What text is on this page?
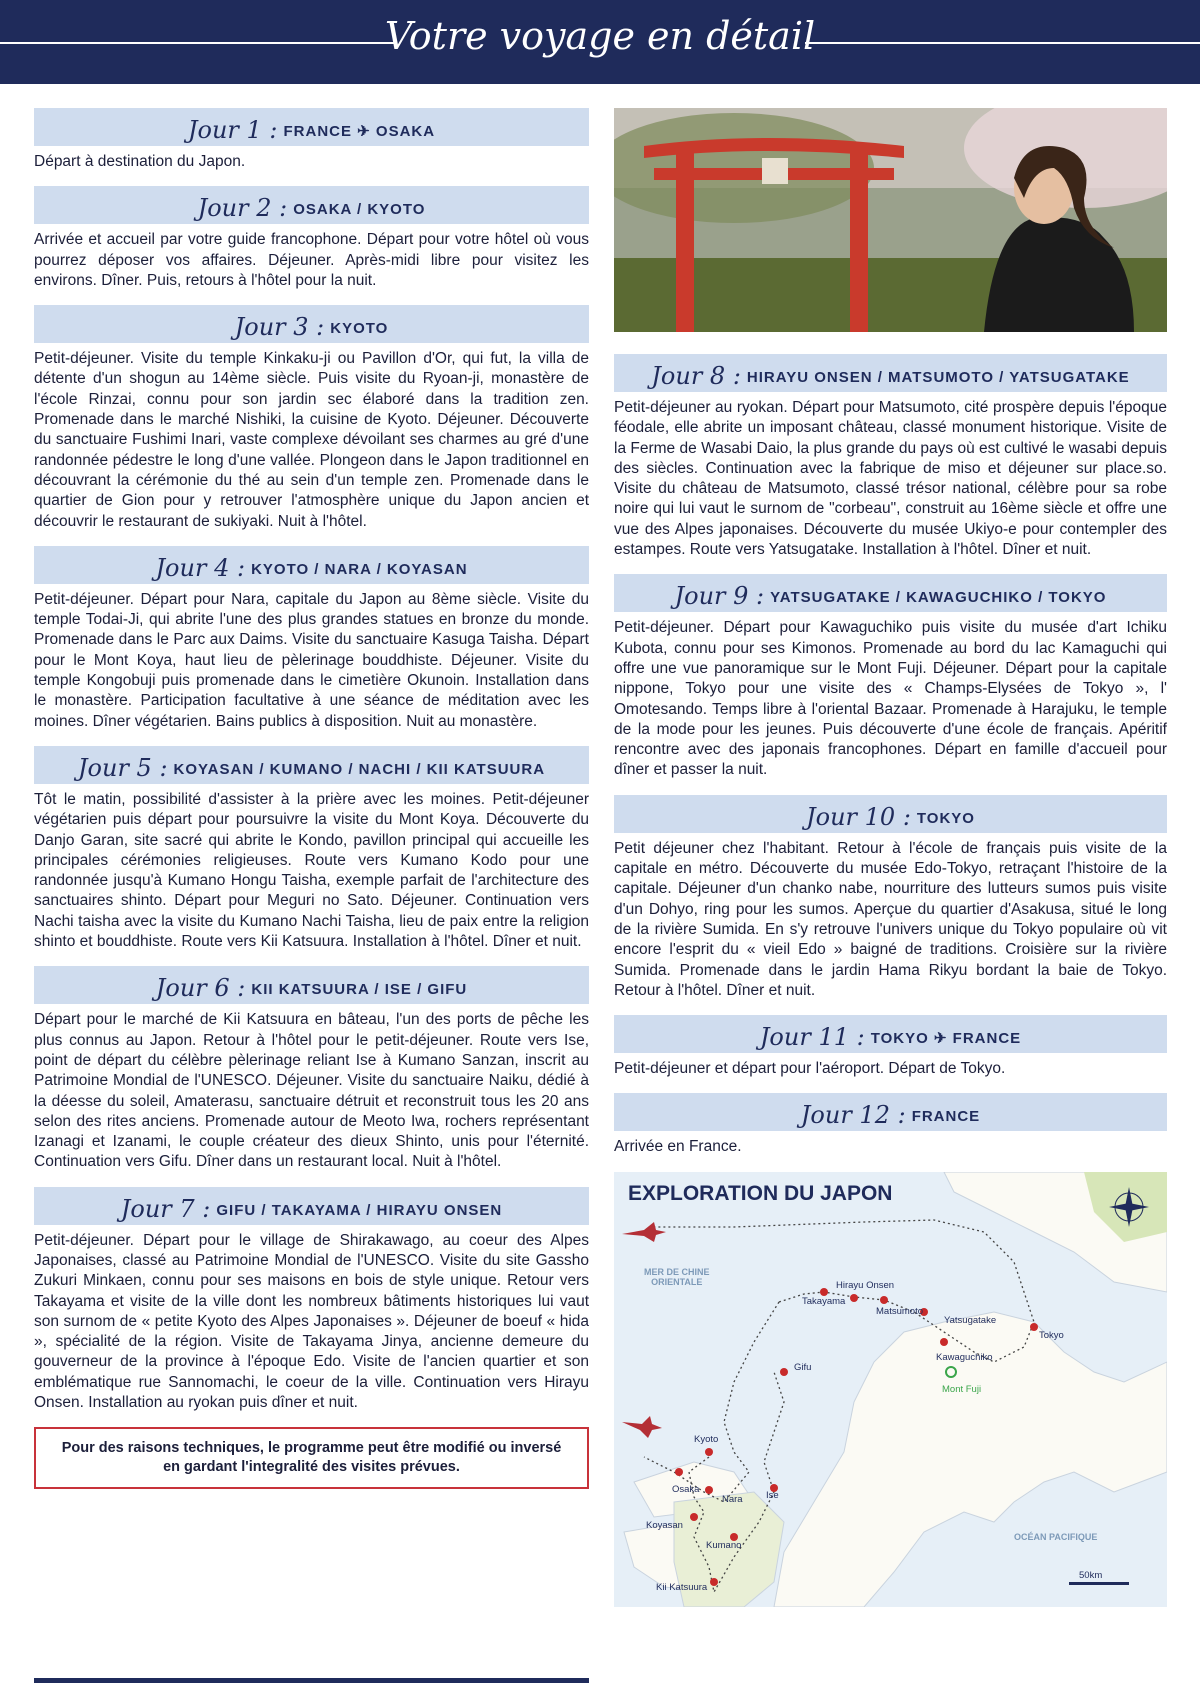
Votre voyage en détail
Jour 1 : FRANCE ✈ OSAKA
Départ à destination du Japon.
Jour 2 : OSAKA / KYOTO
Arrivée et accueil par votre guide francophone. Départ pour votre hôtel où vous pourrez déposer vos affaires. Déjeuner. Après-midi libre pour visitez les environs. Dîner. Puis, retours à l'hôtel pour la nuit.
Jour 3 : KYOTO
Petit-déjeuner. Visite du temple Kinkaku-ji ou Pavillon d'Or, qui fut, la villa de détente d'un shogun au 14ème siècle. Puis visite du Ryoan-ji, monastère de l'école Rinzai, connu pour son jardin sec élaboré dans la tradition zen. Promenade dans le marché Nishiki, la cuisine de Kyoto. Déjeuner. Découverte du sanctuaire Fushimi Inari, vaste complexe dévoilant ses charmes au gré d'une randonnée pédestre le long d'une vallée. Plongeon dans le Japon traditionnel en découvrant la cérémonie du thé au sein d'un temple zen. Promenade dans le quartier de Gion pour y retrouver l'atmosphère unique du Japon ancien et découvrir le restaurant de sukiyaki. Nuit à l'hôtel.
Jour 4 : KYOTO / NARA / KOYASAN
Petit-déjeuner. Départ pour Nara, capitale du Japon au 8ème siècle. Visite du temple Todai-Ji, qui abrite l'une des plus grandes statues en bronze du monde. Promenade dans le Parc aux Daims. Visite du sanctuaire Kasuga Taisha. Départ pour le Mont Koya, haut lieu de pèlerinage bouddhiste. Déjeuner. Visite du temple Kongobuji puis promenade dans le cimetière Okunoin. Installation dans le monastère. Participation facultative à une séance de méditation avec les moines. Dîner végétarien. Bains publics à disposition. Nuit au monastère.
Jour 5 : KOYASAN / KUMANO / NACHI / KII KATSUURA
Tôt le matin, possibilité d'assister à la prière avec les moines. Petit-déjeuner végétarien puis départ pour poursuivre la visite du Mont Koya. Découverte du Danjo Garan, site sacré qui abrite le Kondo, pavillon principal qui accueille les principales cérémonies religieuses. Route vers Kumano Kodo pour une randonnée jusqu'à Kumano Hongu Taisha, exemple parfait de l'architecture des sanctuaires shinto. Départ pour Meguri no Sato. Déjeuner. Continuation vers Nachi taisha avec la visite du Kumano Nachi Taisha, lieu de paix entre la religion shinto et bouddhiste. Route vers Kii Katsuura. Installation à l'hôtel. Dîner et nuit.
Jour 6 : KII KATSUURA / ISE / GIFU
Départ pour le marché de Kii Katsuura en bâteau, l'un des ports de pêche les plus connus au Japon. Retour à l'hôtel pour le petit-déjeuner. Route vers Ise, point de départ du célèbre pèlerinage reliant Ise à Kumano Sanzan, inscrit au Patrimoine Mondial de l'UNESCO. Déjeuner. Visite du sanctuaire Naiku, dédié à la déesse du soleil, Amaterasu, sanctuaire détruit et reconstruit tous les 20 ans selon des rites anciens. Promenade autour de Meoto Iwa, rochers représentant Izanagi et Izanami, le couple créateur des dieux Shinto, unis pour l'éternité. Continuation vers Gifu. Dîner dans un restaurant local. Nuit à l'hôtel.
Jour 7 : GIFU / TAKAYAMA / HIRAYU ONSEN
Petit-déjeuner. Départ pour le village de Shirakawago, au coeur des Alpes Japonaises, classé au Patrimoine Mondial de l'UNESCO. Visite du site Gassho Zukuri Minkaen, connu pour ses maisons en bois de style unique. Retour vers Takayama et visite de la ville dont les nombreux bâtiments historiques lui vaut son surnom de « petite Kyoto des Alpes Japonaises ». Déjeuner de boeuf « hida », spécialité de la région. Visite de Takayama Jinya, ancienne demeure du gouverneur de la province à l'époque Edo. Visite de l'ancien quartier et son emblématique rue Sannomachi, le coeur de la ville. Continuation vers Hirayu Onsen. Installation au ryokan puis dîner et nuit.
Pour des raisons techniques, le programme peut être modifié ou inversé en gardant l'integralité des visites prévues.
Jour 8 : HIRAYU ONSEN / MATSUMOTO / YATSUGATAKE
Petit-déjeuner au ryokan. Départ pour Matsumoto, cité prospère depuis l'époque féodale, elle abrite un imposant château, classé monument historique. Visite de la Ferme de Wasabi Daio, la plus grande du pays où est cultivé le wasabi depuis des siècles. Continuation avec la fabrique de miso et déjeuner sur place.so. Visite du château de Matsumoto, classé trésor national, célèbre pour sa robe noire qui lui vaut le surnom de "corbeau", construit au 16ème siècle et offre une vue des Alpes japonaises. Découverte du musée Ukiyo-e pour contempler des estampes. Route vers Yatsugatake. Installation à l'hôtel. Dîner et nuit.
Jour 9 : YATSUGATAKE / KAWAGUCHIKO / TOKYO
Petit-déjeuner. Départ pour Kawaguchiko puis visite du musée d'art Ichiku Kubota, connu pour ses Kimonos. Promenade au bord du lac Kamaguchi qui offre une vue panoramique sur le Mont Fuji. Déjeuner. Départ pour la capitale nippone, Tokyo pour une visite des « Champs-Elysées de Tokyo », l' Omotesando. Temps libre à l'oriental Bazaar. Promenade à Harajuku, le temple de la mode pour les jeunes. Puis découverte d'une école de français. Apéritif rencontre avec des japonais francophones. Départ en famille d'accueil pour dîner et passer la nuit.
Jour 10 : TOKYO
Petit déjeuner chez l'habitant. Retour à l'école de français puis visite de la capitale en métro. Découverte du musée Edo-Tokyo, retraçant l'histoire de la capitale. Déjeuner d'un chanko nabe, nourriture des lutteurs sumos puis visite d'un Dohyo, ring pour les sumos. Aperçue du quartier d'Asakusa, situé le long de la rivière Sumida. En s'y retrouve l'univers unique du Tokyo populaire où vit encore l'esprit du « vieil Edo » baigné de traditions. Croisière sur la rivière Sumida. Promenade dans le jardin Hama Rikyu bordant la baie de Tokyo. Retour à l'hôtel. Dîner et nuit.
Jour 11 : TOKYO ✈ FRANCE
Petit-déjeuner et départ pour l'aéroport. Départ de Tokyo.
Jour 12 : FRANCE
Arrivée en France.
EXPLORATION DU JAPON
MER DE CHINE
ORIENTALE
OCÉAN PACIFIQUE
50km
Hirayu Onsen
Takayama
Matsumoto
Yatsugatake
Tokyo
Kawaguchiko
Mont Fuji
Gifu
Kyoto
Osaka
Nara Ise
Koyasan
Kumano
Kii Katsuura
